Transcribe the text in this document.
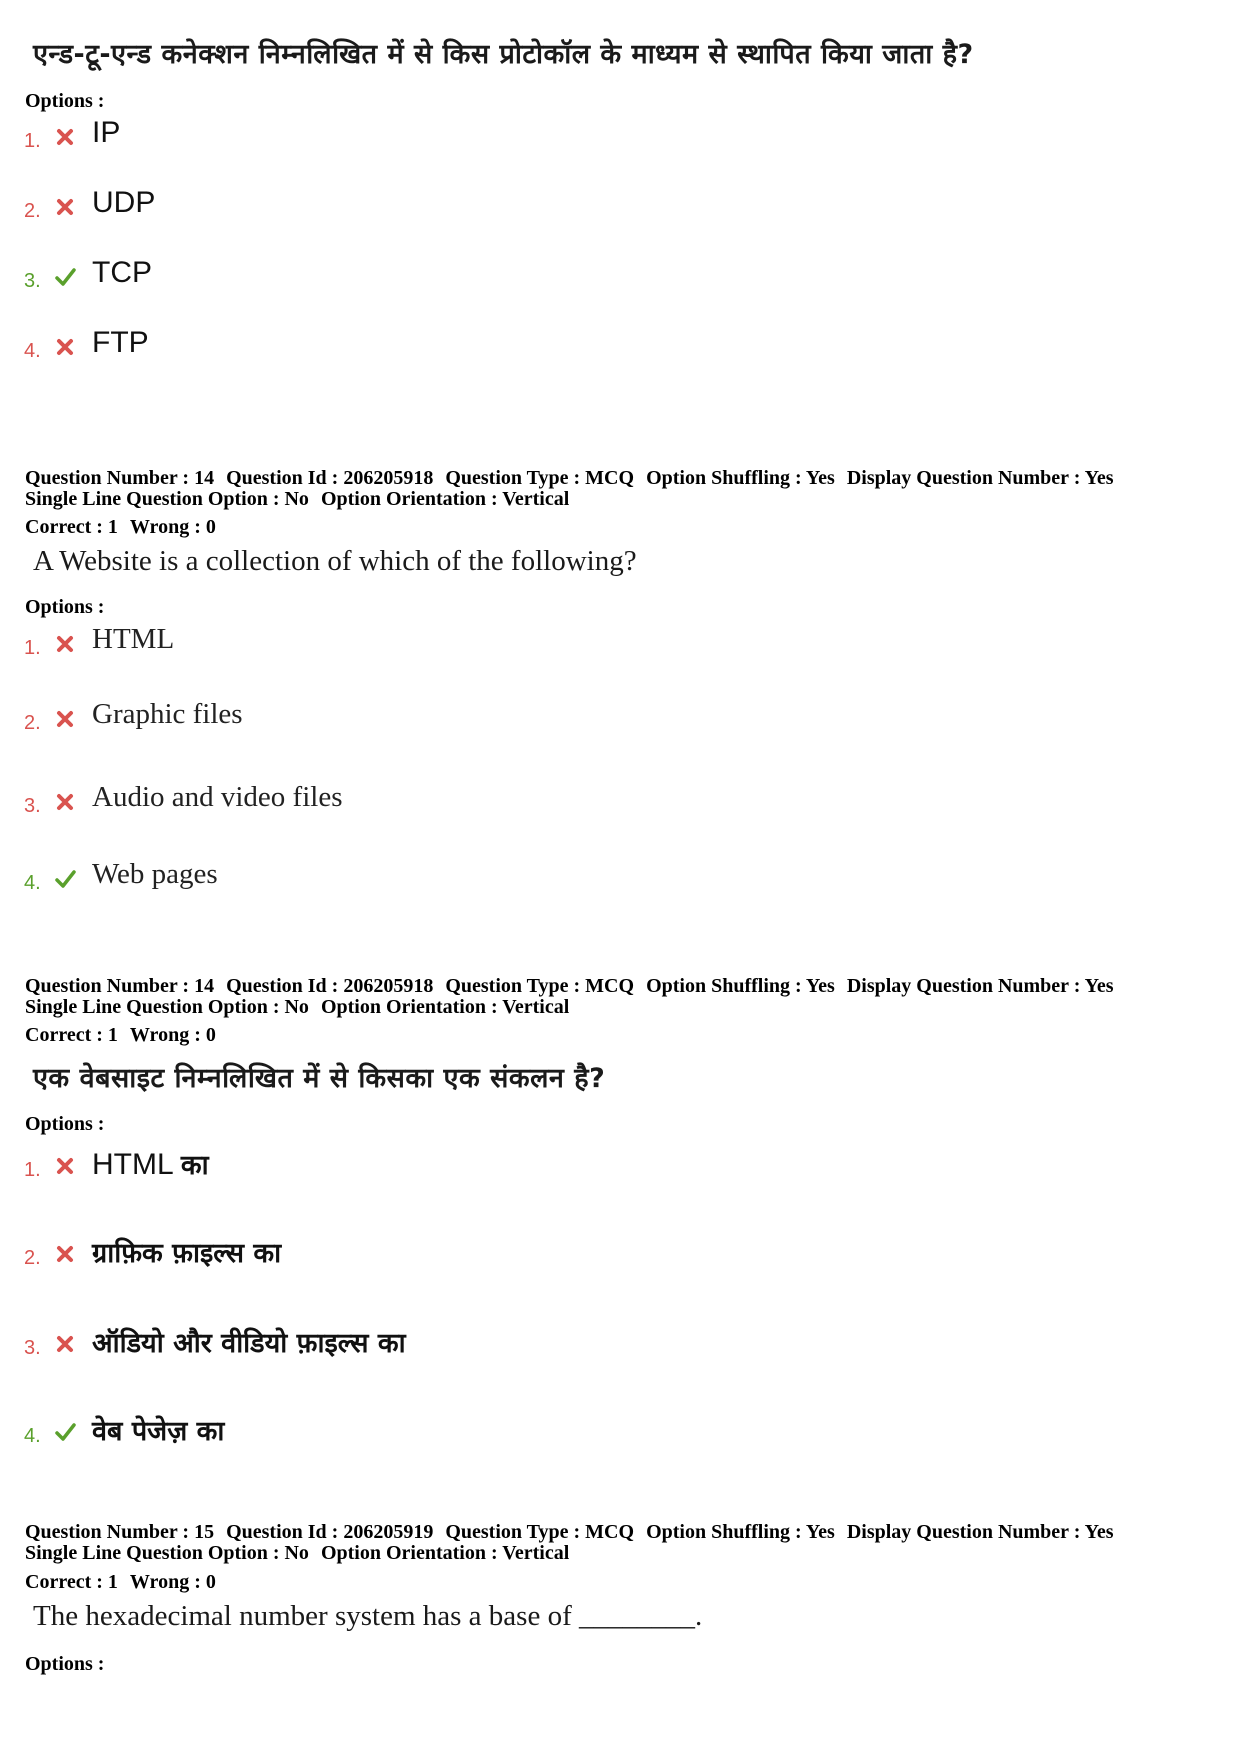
एन्ड-टू-एन्ड कनेक्शन निम्नलिखित में से किस प्रोटोकॉल के माध्यम से स्थापित किया जाता है?
Options :
1. IP
2. UDP
3. TCP
4. FTP
Question Number : 14 Question Id : 206205918 Question Type : MCQ Option Shuffling : Yes Display Question Number : Yes
Single Line Question Option : No Option Orientation : Vertical
Correct : 1 Wrong : 0
A Website is a collection of which of the following?
Options :
1. HTML
2. Graphic files
3. Audio and video files
4. Web pages
Question Number : 14 Question Id : 206205918 Question Type : MCQ Option Shuffling : Yes Display Question Number : Yes
Single Line Question Option : No Option Orientation : Vertical
Correct : 1 Wrong : 0
एक वेबसाइट निम्नलिखित में से किसका एक संकलन है?
Options :
1. HTML का
2. ग्राफ़िक फ़ाइल्स का
3. ऑडियो और वीडियो फ़ाइल्स का
4. वेब पेजेज़ का
Question Number : 15 Question Id : 206205919 Question Type : MCQ Option Shuffling : Yes Display Question Number : Yes
Single Line Question Option : No Option Orientation : Vertical
Correct : 1 Wrong : 0
The hexadecimal number system has a base of ________.
Options :
